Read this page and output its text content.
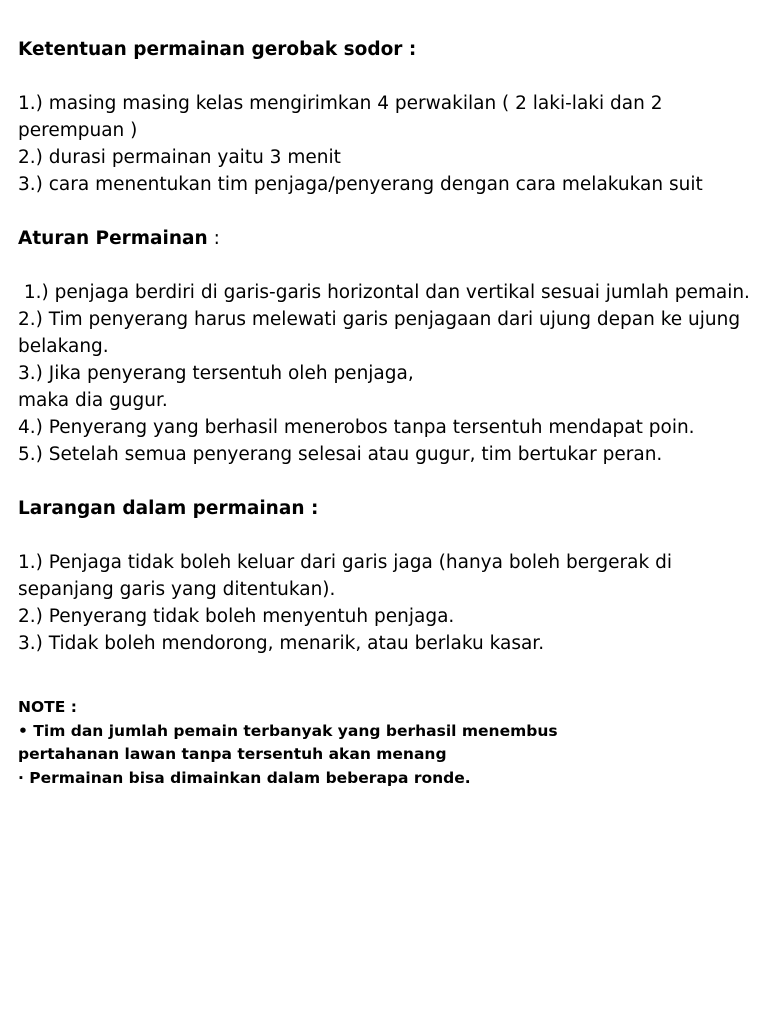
Ketentuan permainan gerobak sodor :
1.) masing masing kelas mengirimkan 4 perwakilan ( 2 laki-laki dan 2
perempuan )
2.) durasi permainan yaitu 3 menit
3.) cara menentukan tim penjaga/penyerang dengan cara melakukan suit
Aturan Permainan :
1.) penjaga berdiri di garis-garis horizontal dan vertikal sesuai jumlah pemain.
2.) Tim penyerang harus melewati garis penjagaan dari ujung depan ke ujung
belakang.
3.) Jika penyerang tersentuh oleh penjaga,
maka dia gugur.
4.) Penyerang yang berhasil menerobos tanpa tersentuh mendapat poin.
5.) Setelah semua penyerang selesai atau gugur, tim bertukar peran.
Larangan dalam permainan :
1.) Penjaga tidak boleh keluar dari garis jaga (hanya boleh bergerak di
sepanjang garis yang ditentukan).
2.) Penyerang tidak boleh menyentuh penjaga.
3.) Tidak boleh mendorong, menarik, atau berlaku kasar.
NOTE :
• Tim dan jumlah pemain terbanyak yang berhasil menembus
pertahanan lawan tanpa tersentuh akan menang
· Permainan bisa dimainkan dalam beberapa ronde.
